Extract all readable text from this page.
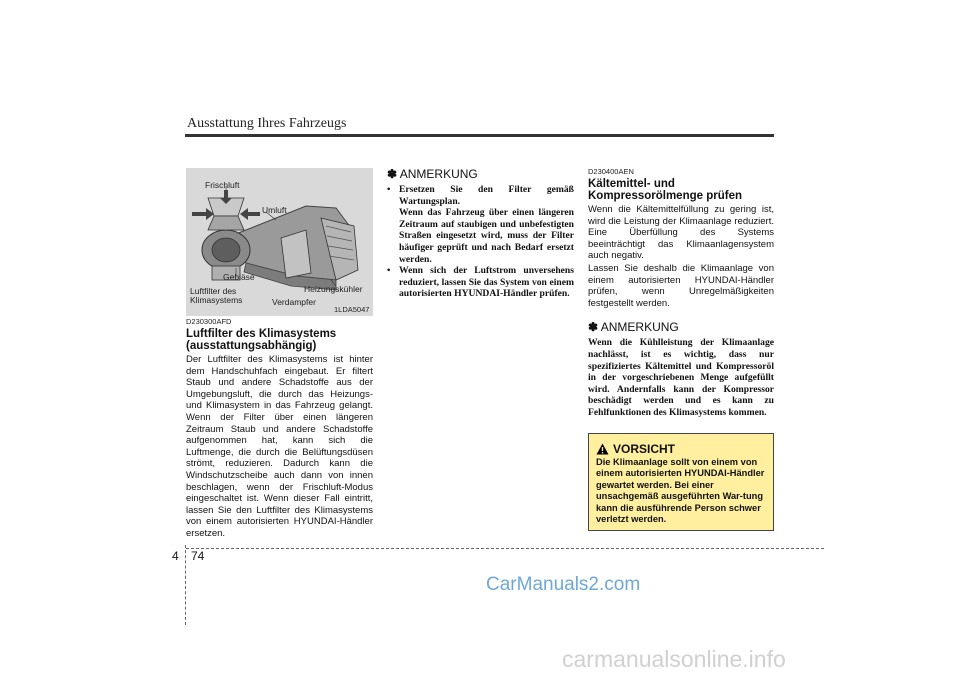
Ausstattung Ihres Fahrzeugs
Frischluft
Umluft
Gebläse
Luftfilter des
Klimasystems
Heizungskühler
Verdampfer
1LDA5047
D230300AFD
Luftfilter des Klimasystems
(ausstattungsabhängig)

Der Luftfilter des Klimasystems ist hinter dem Handschuhfach eingebaut. Er filtert Staub und andere Schadstoffe aus der Umgebungsluft, die durch das Heizungs- und Klimasystem in das Fahrzeug gelangt. Wenn der Filter über einen längeren Zeitraum Staub und andere Schadstoffe aufgenommen hat, kann sich die Luftmenge, die durch die Belüftungsdüsen strömt, reduzieren. Dadurch kann die Windschutzscheibe auch dann von innen beschlagen, wenn der Frischluft-Modus eingeschaltet ist. Wenn dieser Fall eintritt, lassen Sie den Luftfilter des Klimasystems von einem autorisierten HYUNDAI-Händler ersetzen.

✽ ANMERKUNG
• Ersetzen Sie den Filter gemäß Wartungsplan.
Wenn das Fahrzeug über einen längeren Zeitraum auf staubigen und unbefestigten Straßen eingesetzt wird, muss der Filter häufiger geprüft und nach Bedarf ersetzt werden.
• Wenn sich der Luftstrom unversehens reduziert, lassen Sie das System von einem autorisierten HYUNDAI-Händler prüfen.
D230400AEN
Kältemittel- und
Kompressorölmenge prüfen

Wenn die Kältemittelfüllung zu gering ist, wird die Leistung der Klimaanlage reduziert. Eine Überfüllung des Systems beeinträchtigt das Klimaanlagensystem auch negativ.

Lassen Sie deshalb die Klimaanlage von einem autorisierten HYUNDAI-Händler prüfen, wenn Unregelmäßigkeiten festgestellt werden.

✽ ANMERKUNG
Wenn die Kühlleistung der Klimaanlage nachlässt, ist es wichtig, dass nur spezifiziertes Kältemittel und Kompressoröl in der vorgeschriebenen Menge aufgefüllt wird. Andernfalls kann der Kompressor beschädigt werden und es kann zu Fehlfunktionen des Klimasystems kommen.
VORSICHT
Die Klimaanlage sollt von einem von einem autorisierten HYUNDAI-Händler gewartet werden. Bei einer unsachgemäß ausgeführten War-tung kann die ausführende Person schwer verletzt werden.
4 74
CarManuals2.com
carmanualsonline.info
